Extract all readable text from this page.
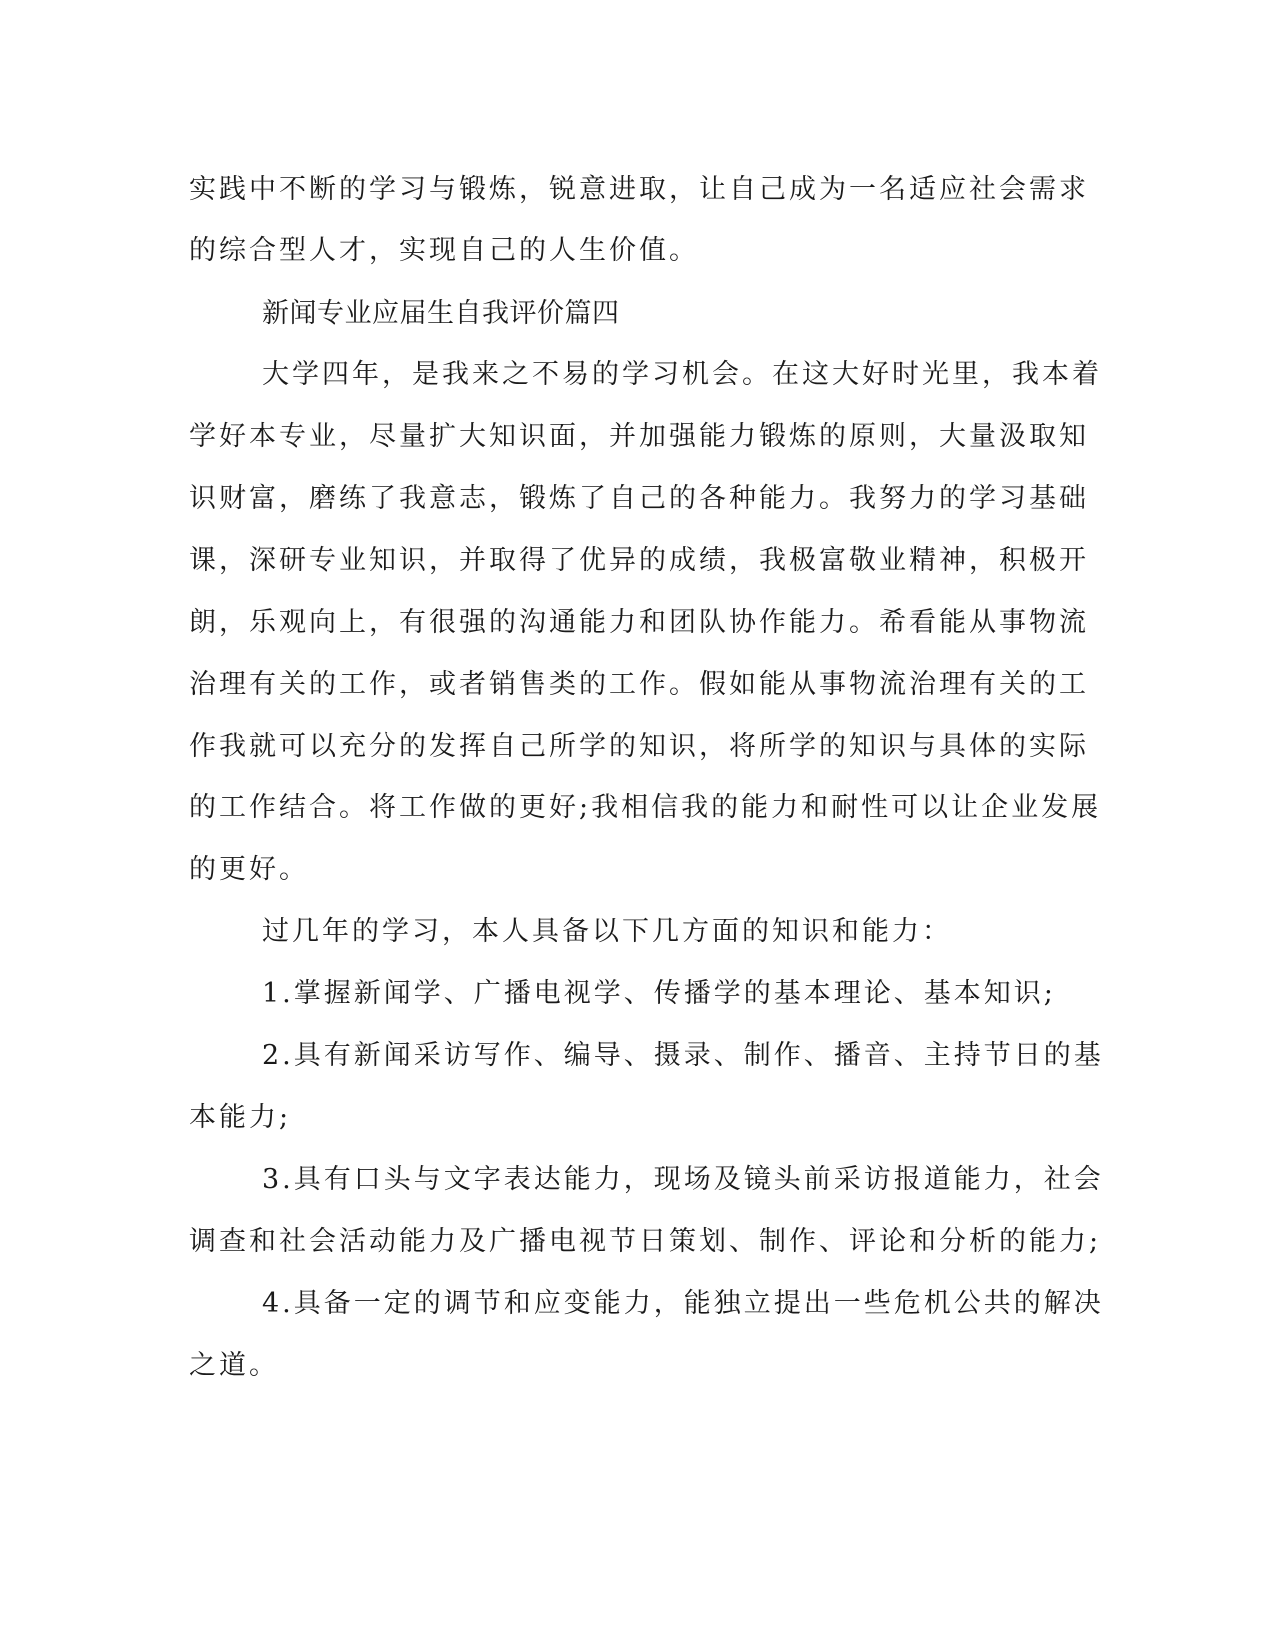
实践中不断的学习与锻炼，锐意进取，让自己成为一名适应社会需求
的综合型人才，实现自己的人生价值。
新闻专业应届生自我评价篇四
大学四年，是我来之不易的学习机会。在这大好时光里，我本着
学好本专业，尽量扩大知识面，并加强能力锻炼的原则，大量汲取知
识财富，磨练了我意志，锻炼了自己的各种能力。我努力的学习基础
课，深研专业知识，并取得了优异的成绩，我极富敬业精神，积极开
朗，乐观向上，有很强的沟通能力和团队协作能力。希看能从事物流
治理有关的工作，或者销售类的工作。假如能从事物流治理有关的工
作我就可以充分的发挥自己所学的知识，将所学的知识与具体的实际
的工作结合。将工作做的更好;我相信我的能力和耐性可以让企业发展
的更好。
过几年的学习，本人具备以下几方面的知识和能力：
1.掌握新闻学、广播电视学、传播学的基本理论、基本知识;
2.具有新闻采访写作、编导、摄录、制作、播音、主持节日的基
本能力;
3.具有口头与文字表达能力，现场及镜头前采访报道能力，社会
调查和社会活动能力及广播电视节日策划、制作、评论和分析的能力;
4.具备一定的调节和应变能力，能独立提出一些危机公共的解决
之道。
